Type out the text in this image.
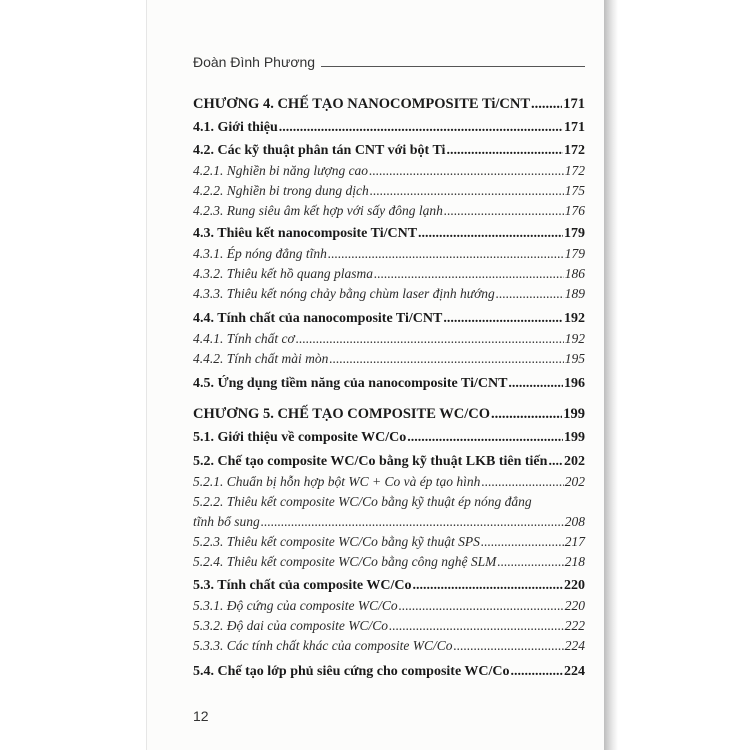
Đoàn Đình Phương
CHƯƠNG 4. CHẾ TẠO NANOCOMPOSITE Ti/CNT ..... 171
4.1. Giới thiệu .....	171
4.2. Các kỹ thuật phân tán CNT với bột Ti .....	172
4.2.1. Nghiền bi năng lượng cao .....	172
4.2.2. Nghiền bi trong dung dịch .....	175
4.2.3. Rung siêu âm kết hợp với sấy đông lạnh .....	176
4.3. Thiêu kết nanocomposite Ti/CNT .....	179
4.3.1. Ép nóng đẳng tĩnh .....	179
4.3.2. Thiêu kết hồ quang plasma .....	186
4.3.3. Thiêu kết nóng chảy bằng chùm laser định hướng .....	189
4.4. Tính chất của nanocomposite Ti/CNT .....	192
4.4.1. Tính chất cơ .....	192
4.4.2. Tính chất mài mòn .....	195
4.5. Ứng dụng tiềm năng của nanocomposite Ti/CNT .....	196
CHƯƠNG 5. CHẾ TẠO COMPOSITE WC/CO .....	199
5.1. Giới thiệu về composite WC/Co .....	199
5.2. Chế tạo composite WC/Co bằng kỹ thuật LKB tiên tiến ..... 202
5.2.1. Chuẩn bị hỗn hợp bột WC + Co và ép tạo hình .....	202
5.2.2. Thiêu kết composite WC/Co bằng kỹ thuật ép nóng đẳng
tĩnh bổ sung .....	208
5.2.3. Thiêu kết composite WC/Co bằng kỹ thuật SPS .....	217
5.2.4. Thiêu kết composite WC/Co bằng công nghệ SLM .....	218
5.3. Tính chất của composite WC/Co .....	220
5.3.1. Độ cứng của composite WC/Co .....	220
5.3.2. Độ dai của composite WC/Co .....	222
5.3.3. Các tính chất khác của composite WC/Co .....	224
5.4. Chế tạo lớp phủ siêu cứng cho composite WC/Co .....	224
12
